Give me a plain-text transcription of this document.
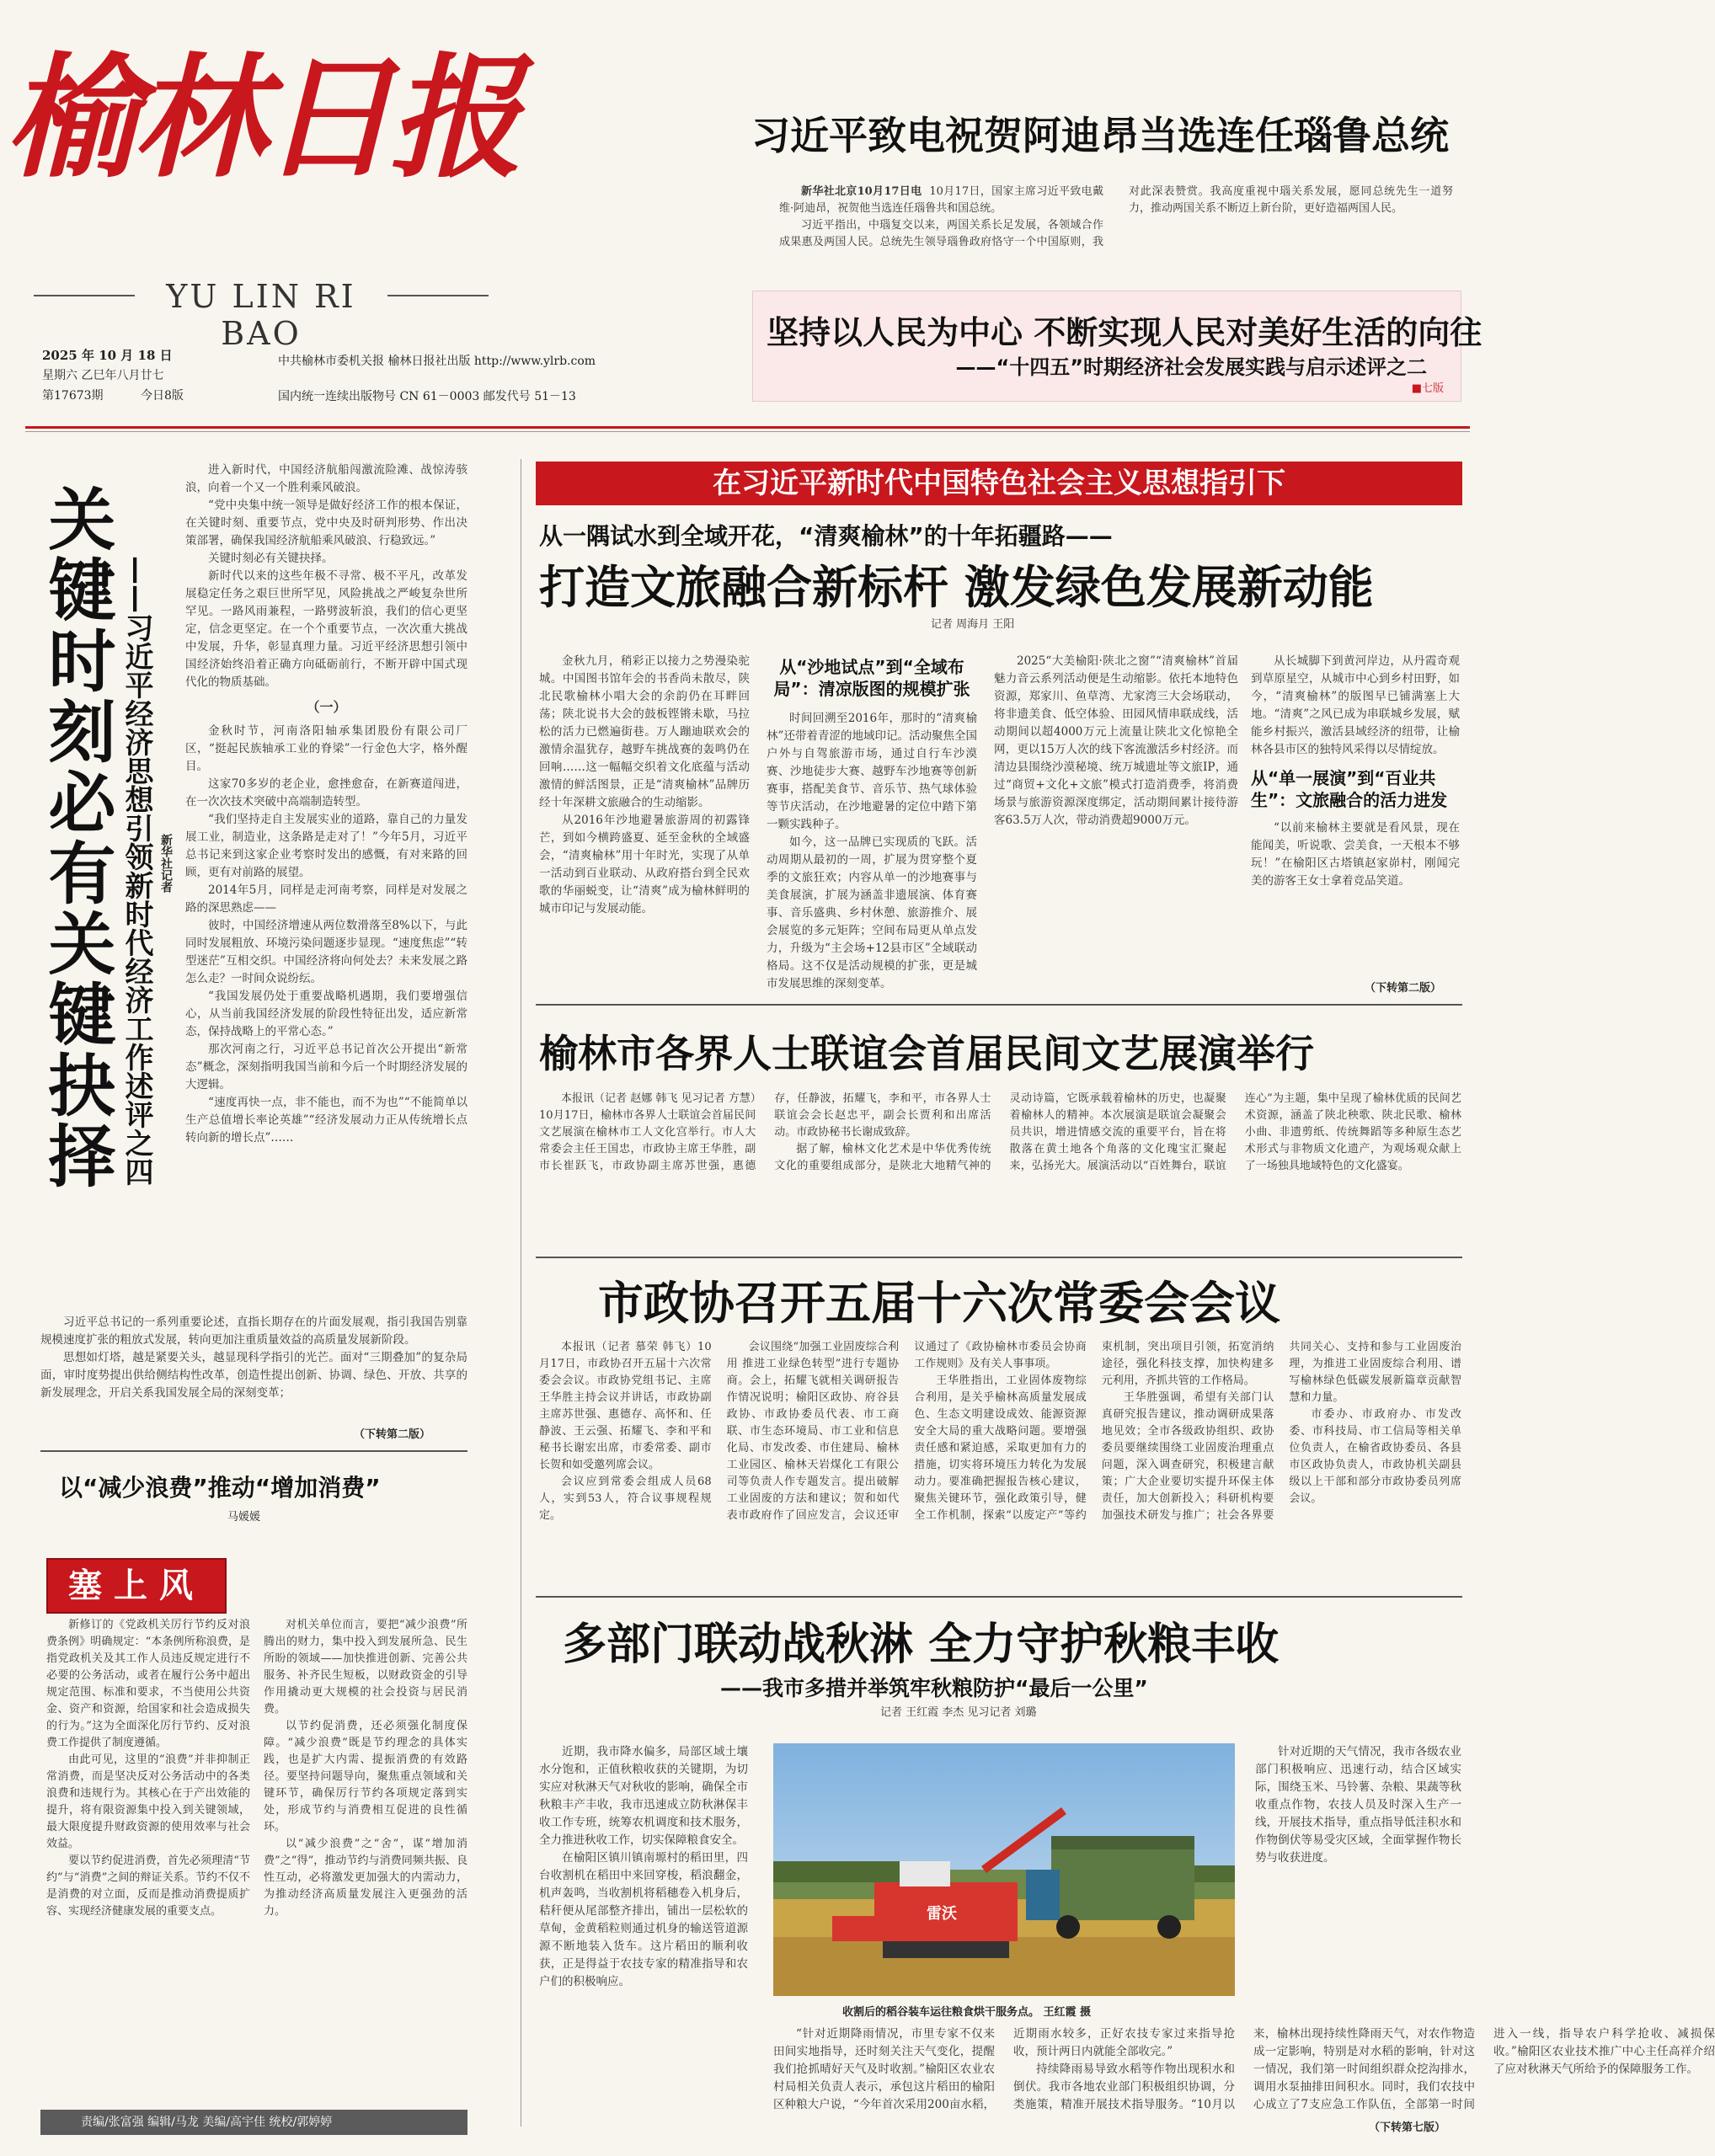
榆林日报
YU LIN RI BAO
2025 年 10 月 18 日
星期六 乙巳年八月廿七
第17673期	今日8版
中共榆林市委机关报 榆林日报社出版 http://www.ylrb.com
国内统一连续出版物号 CN 61－0003 邮发代号 51－13
习近平致电祝贺阿迪昂当选连任瑙鲁总统

新华社北京10月17日电 10月17日，国家主席习近平致电戴维·阿迪昂，祝贺他当选连任瑙鲁共和国总统。

习近平指出，中瑙复交以来，两国关系长足发展，各领域合作成果惠及两国人民。总统先生领导瑙鲁政府恪守一个中国原则，我对此深表赞赏。我高度重视中瑙关系发展，愿同总统先生一道努力，推动两国关系不断迈上新台阶，更好造福两国人民。

坚持以人民为中心 不断实现人民对美好生活的向往
——“十四五”时期经济社会发展实践与启示述评之二
■七版
关键时刻必有关键抉择 ——习近平经济思想引领新时代经济工作述评之四 新华社记者

进入新时代，中国经济航船闯激流险滩、战惊涛骇浪，向着一个又一个胜利乘风破浪。

“党中央集中统一领导是做好经济工作的根本保证，在关键时刻、重要节点，党中央及时研判形势、作出决策部署，确保我国经济航船乘风破浪、行稳致远。”

关键时刻必有关键抉择。

新时代以来的这些年极不寻常、极不平凡，改革发展稳定任务之艰巨世所罕见，风险挑战之严峻复杂世所罕见。一路风雨兼程，一路劈波斩浪，我们的信心更坚定，信念更坚定。在一个个重要节点，一次次重大挑战中发展，升华，彰显真理力量。习近平经济思想引领中国经济始终沿着正确方向砥砺前行，不断开辟中国式现代化的物质基础。

（一）

金秋时节，河南洛阳轴承集团股份有限公司厂区，“挺起民族轴承工业的脊梁”一行金色大字，格外醒目。

这家70多岁的老企业，愈挫愈奋，在新赛道闯进，在一次次技术突破中高端制造转型。

“我们坚持走自主发展实业的道路，靠自己的力量发展工业，制造业，这条路是走对了！”今年5月，习近平总书记来到这家企业考察时发出的感慨，有对来路的回顾，更有对前路的展望。

2014年5月，同样是走河南考察，同样是对发展之路的深思熟虑——

彼时，中国经济增速从两位数滑落至8%以下，与此同时发展粗放、环境污染问题逐步显现。“速度焦虑”“转型迷茫”互相交织。中国经济将向何处去？未来发展之路怎么走？一时间众说纷纭。

“我国发展仍处于重要战略机遇期，我们要增强信心，从当前我国经济发展的阶段性特征出发，适应新常态，保持战略上的平常心态。”

那次河南之行，习近平总书记首次公开提出“新常态”概念，深刻指明我国当前和今后一个时期经济发展的大逻辑。

“速度再快一点，非不能也，而不为也”“不能简单以生产总值增长率论英雄”“经济发展动力正从传统增长点转向新的增长点”……

习近平总书记的一系列重要论述，直指长期存在的片面发展观，指引我国告别靠规模速度扩张的粗放式发展，转向更加注重质量效益的高质量发展新阶段。

思想如灯塔，越是紧要关头，越显现科学指引的光芒。面对“三期叠加”的复杂局面，审时度势提出供给侧结构性改革，创造性提出创新、协调、绿色、开放、共享的新发展理念，开启关系我国发展全局的深刻变革；

（下转第二版）
以“减少浪费”推动“增加消费”
马媛媛
塞上风

新修订的《党政机关厉行节约反对浪费条例》明确规定：“本条例所称浪费，是指党政机关及其工作人员违反规定进行不必要的公务活动，或者在履行公务中超出规定范围、标准和要求，不当使用公共资金、资产和资源，给国家和社会造成损失的行为。”这为全面深化厉行节约、反对浪费工作提供了制度遵循。

由此可见，这里的“浪费”并非抑制正常消费，而是坚决反对公务活动中的各类浪费和违规行为。其核心在于产出效能的提升，将有限资源集中投入到关键领域，最大限度提升财政资源的使用效率与社会效益。

要以节约促进消费，首先必须理清“节约”与“消费”之间的辩证关系。节约不仅不是消费的对立面，反而是推动消费提质扩容、实现经济健康发展的重要支点。

对机关单位而言，要把“减少浪费”所腾出的财力，集中投入到发展所急、民生所盼的领域——加快推进创新、完善公共服务、补齐民生短板，以财政资金的引导作用撬动更大规模的社会投资与居民消费。

以节约促消费，还必须强化制度保障。“减少浪费”既是节约理念的具体实践，也是扩大内需、提振消费的有效路径。要坚持问题导向，聚焦重点领域和关键环节，确保厉行节约各项规定落到实处，形成节约与消费相互促进的良性循环。

以“减少浪费”之“舍”，谋“增加消费”之“得”，推动节约与消费同频共振、良性互动，必将激发更加强大的内需动力，为推动经济高质量发展注入更强劲的活力。

责编/张富强 编辑/马龙 美编/高宇佳 统校/郭婷婷
在习近平新时代中国特色社会主义思想指引下
从一隅试水到全域开花，“清爽榆林”的十年拓疆路——
打造文旅融合新标杆 激发绿色发展新动能
记者 周海月 王阳

金秋九月，稍彩正以接力之势漫染驼城。中国图书馆年会的书香尚未散尽，陕北民歌榆林小唱大会的余韵仍在耳畔回荡；陕北说书大会的鼓板铿锵未歇，马拉松的活力已燃遍街巷。万人蹦迪联欢会的激情余温犹存，越野车挑战赛的轰鸣仍在回响……这一幅幅交织着文化底蕴与活动激情的鲜活图景，正是“清爽榆林”品牌历经十年深耕文旅融合的生动缩影。

从2016年沙地避暑旅游周的初露锋芒，到如今横跨盛夏、延至金秋的全域盛会，“清爽榆林”用十年时光，实现了从单一活动到百业联动、从政府搭台到全民欢歌的华丽蜕变，让“清爽”成为榆林鲜明的城市印记与发展动能。

从“沙地试点”到“全域布局”：清凉版图的规模扩张

时间回溯至2016年，那时的“清爽榆林”还带着青涩的地域印记。活动聚焦全国户外与自驾旅游市场，通过自行车沙漠赛、沙地徒步大赛、越野车沙地赛等创新赛事，搭配美食节、音乐节、热气球体验等节庆活动，在沙地避暑的定位中踏下第一颗实践种子。

如今，这一品牌已实现质的飞跃。活动周期从最初的一周，扩展为贯穿整个夏季的文旅狂欢；内容从单一的沙地赛事与美食展演，扩展为涵盖非遗展演、体育赛事、音乐盛典、乡村休憩、旅游推介、展会展览的多元矩阵；空间布局更从单点发力，升级为“主会场+12县市区”全域联动格局。这不仅是活动规模的扩张，更是城市发展思维的深刻变革。

2025“大美榆阳·陕北之窗”“清爽榆林”首届魅力音云系列活动便是生动缩影。依托本地特色资源，郑家川、鱼草湾、尤家湾三大会场联动，将非遗美食、低空体验、田园风情串联成线，活动期间以超4000万元上流量让陕北文化惊艳全网，更以15万人次的线下客流激活乡村经济。而清边县围绕沙漠秘境、统万城遗址等文旅IP，通过“商贸+文化+文旅”模式打造消费季，将消费场景与旅游资源深度绑定，活动期间累计接待游客63.5万人次，带动消费超9000万元。

从长城脚下到黄河岸边，从丹霞奇观到草原星空，从城市中心到乡村田野，如今，“清爽榆林”的版图早已铺满塞上大地。“清爽”之风已成为串联城乡发展，赋能乡村振兴，激活县域经济的纽带，让榆林各县市区的独特风采得以尽情绽放。

从“单一展演”到“百业共生”：文旅融合的活力进发

“以前来榆林主要就是看风景，现在能闻美，听说歌、尝美食，一天根本不够玩！”在榆阳区古塔镇赵家峁村，刚闻完美的游客王女士拿着竞品笑道。

（下转第二版）
榆林市各界人士联谊会首届民间文艺展演举行

本报讯（记者 赵娜 韩飞 见习记者 方慧）10月17日，榆林市各界人士联谊会首届民间文艺展演在榆林市工人文化宫举行。市人大常委会主任王国忠，市政协主席王华胜，副市长崔跃飞，市政协副主席苏世强，惠德存，任静波，拓耀飞，李和平，市各界人士联谊会会长赵忠平，副会长贾利和出席活动。市政协秘书长谢成致辞。

据了解，榆林文化艺术是中华优秀传统文化的重要组成部分，是陕北大地精气神的灵动诗篇，它既承载着榆林的历史，也凝聚着榆林人的精神。本次展演是联谊会凝聚会员共识，增进情感交流的重要平台，旨在将散落在黄土地各个角落的文化瑰宝汇聚起来，弘扬光大。展演活动以“百姓舞台，联谊连心”为主题，集中呈现了榆林优质的民间艺术资源，涵盖了陕北秧歌、陕北民歌、榆林小曲、非遗剪纸、传统舞蹈等多种原生态艺术形式与非物质文化遗产，为观场观众献上了一场独具地域特色的文化盛宴。

市政协召开五届十六次常委会会议

本报讯（记者 慕荣 韩飞）10月17日，市政协召开五届十六次常委会会议。市政协党组书记、主席王华胜主持会议并讲话，市政协副主席苏世强、惠德存、高怀和、任静波、王云强、拓耀飞、李和平和秘书长谢宏出席，市委常委、副市长贺和如受邀列席会议。

会议应到常委会组成人员68人，实到53人，符合议事规程规定。

会议围绕“加强工业固废综合利用 推进工业绿色转型”进行专题协商。会上，拓耀飞就相关调研报告作情况说明；榆阳区政协、府谷县政协、市政协委员代表、市工商联、市生态环境局、市工业和信息化局、市发改委、市住建局、榆林工业园区、榆林天岩煤化工有限公司等负责人作专题发言。提出破解工业固废的方法和建议；贺和如代表市政府作了回应发言，会议还审议通过了《政协榆林市委员会协商工作规则》及有关人事事项。

王华胜指出，工业固体废物综合利用，是关乎榆林高质量发展成色、生态文明建设成效、能源资源安全大局的重大战略问题。要增强责任感和紧迫感，采取更加有力的措施，切实将环境压力转化为发展动力。要准确把握报告核心建议，聚焦关键环节，强化政策引导，健全工作机制，探索“以废定产”等约束机制，突出项目引领，拓宽消纳途径，强化科技支撑，加快构建多元利用，齐抓共管的工作格局。

王华胜强调，希望有关部门认真研究报告建议，推动调研成果落地见效；全市各级政协组织、政协委员要继续围绕工业固废治理重点问题，深入调查研究，积极建言献策；广大企业要切实提升环保主体责任，加大创新投入；科研机构要加强技术研发与推广；社会各界要共同关心、支持和参与工业固废治理，为推进工业固废综合利用、谱写榆林绿色低碳发展新篇章贡献智慧和力量。

市委办、市政府办、市发改委、市科技局、市工信局等相关单位负责人，在榆省政协委员、各县市区政协负责人，市政协机关副县级以上干部和部分市政协委员列席会议。

多部门联动战秋淋 全力守护秋粮丰收
——我市多措并举筑牢秋粮防护“最后一公里”
记者 王红霞 李杰 见习记者 刘璐

近期，我市降水偏多，局部区域土壤水分饱和，正值秋粮收获的关键期，为切实应对秋淋天气对秋收的影响，确保全市秋粮丰产丰收，我市迅速成立防秋淋保丰收工作专班，统筹农机调度和技术服务，全力推进秋收工作，切实保障粮食安全。

在榆阳区镇川镇南塬村的稻田里，四台收割机在稻田中来回穿梭，稻浪翻金，机声轰鸣，当收割机将稻穗卷入机身后，秸秆便从尾部整齐排出，铺出一层松软的草甸，金黄稻粒则通过机身的输送管道源源不断地装入货车。这片稻田的顺利收获，正是得益于农技专家的精准指导和农户们的积极响应。

雷沃
收割后的稻谷装车运往粮食烘干服务点。 王红霞 摄

“针对近期降雨情况，市里专家不仅来田间实地指导，还时刻关注天气变化，提醒我们抢抓晴好天气及时收割。”榆阳区农业农村局相关负责人表示，承包这片稻田的榆阳区种粮大户说，“今年首次采用200亩水稻，近期雨水较多，正好农技专家过来指导抢收，预计两日内就能全部收完。”

持续降雨易导致水稻等作物出现积水和倒伏。我市各地农业部门积极组织协调，分类施策，精准开展技术指导服务。“10月以来，榆林出现持续性降雨天气，对农作物造成一定影响，特别是对水稻的影响，针对这一情况，我们第一时间组织群众挖沟排水，调用水泵抽排田间积水。同时，我们农技中心成立了7支应急工作队伍，全部第一时间进入一线，指导农户科学抢收、减损保收。”榆阳区农业技术推广中心主任高祥介绍了应对秋淋天气所给予的保障服务工作。

针对近期的天气情况，我市各级农业部门积极响应、迅速行动，结合区域实际，围绕玉米、马铃薯、杂粮、果蔬等秋收重点作物，农技人员及时深入生产一线，开展技术指导，重点指导低洼积水和作物倒伏等易受灾区域，全面掌握作物长势与收获进度。

（下转第七版）
